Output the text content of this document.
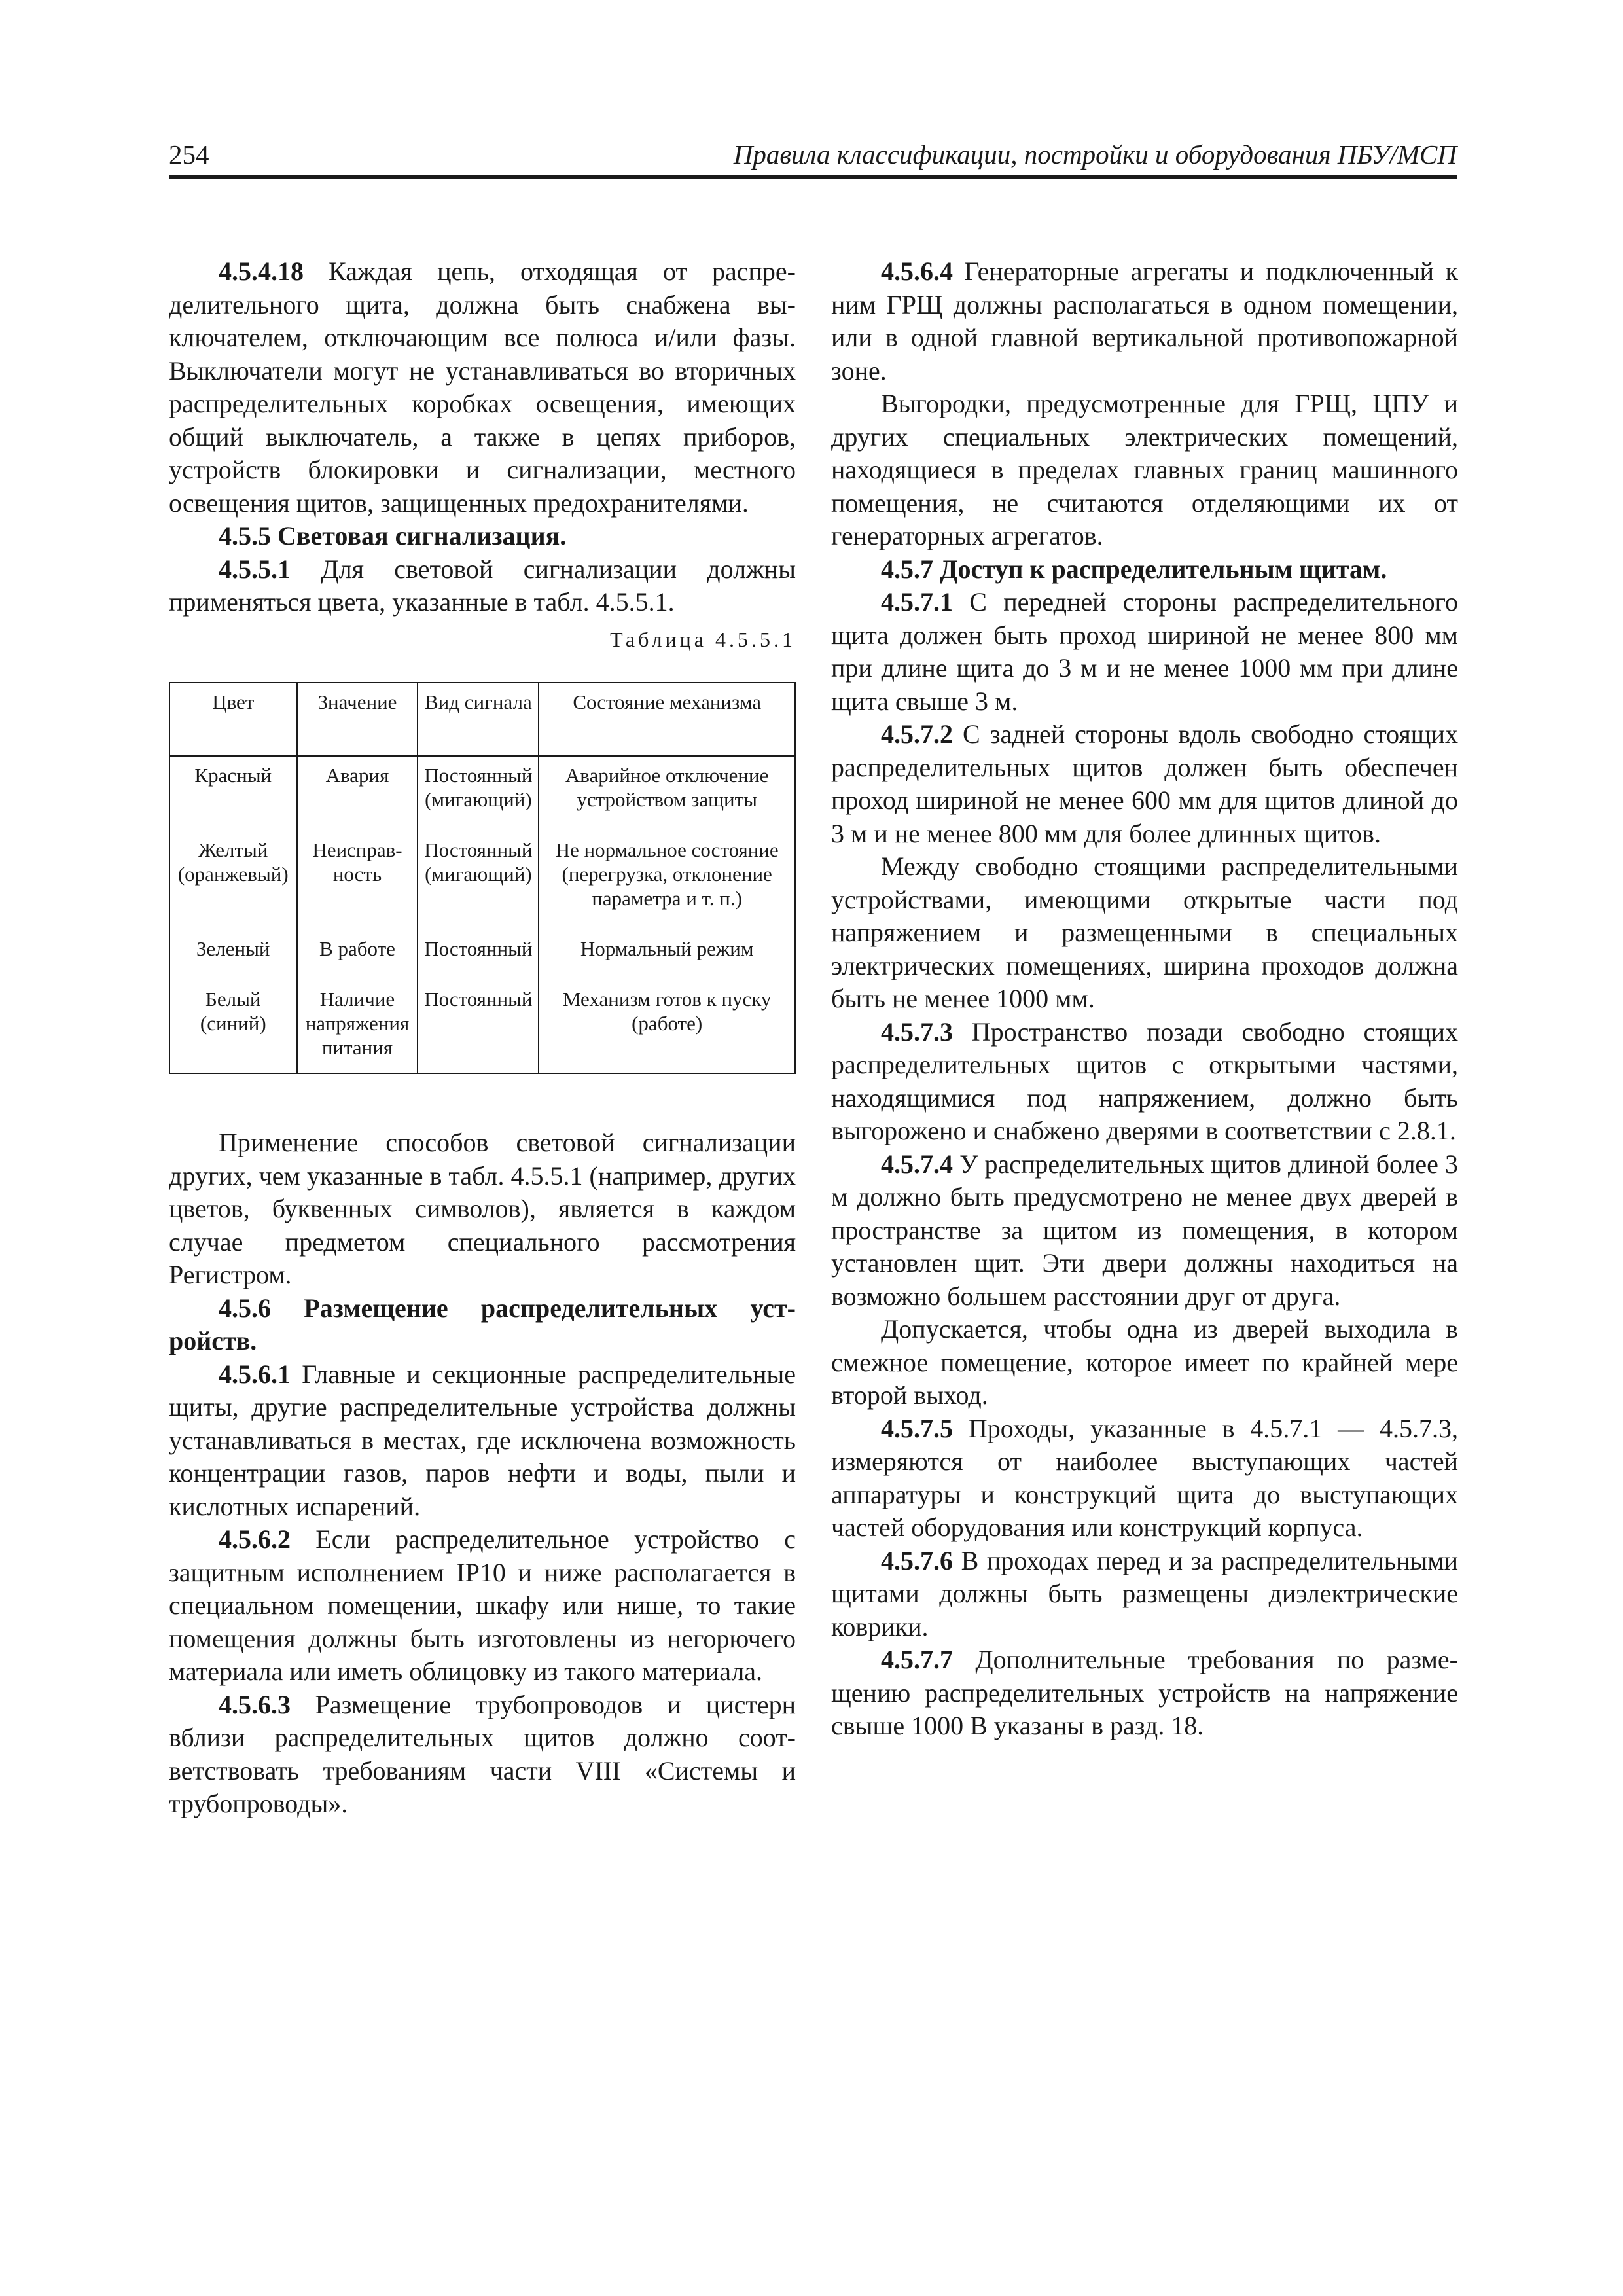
254	Правила классификации, постройки и оборудования ПБУ/МСП

4.5.4.18 Каждая цепь, отходящая от распределительного щита, должна быть снабжена выключателем, отключающим все полюса и/или фазы. Выключатели могут не устанавливаться во вторичных распределительных коробках освещения, имеющих общий выключатель, а также в цепях приборов, устройств блокировки и сигнализации, местного освещения щитов, защищенных предохранителями.

4.5.5 Световая сигнализация.

4.5.5.1 Для световой сигнализации должны применяться цвета, указанные в табл. 4.5.5.1.

Таблица 4.5.5.1
Цвет	Значение	Вид сигнала	Состояние механизма
Красный	Авария	Постоянный (мигающий)	Аварийное отключение устройством защиты
Желтый (оранжевый)	Неисправность	Постоянный (мигающий)	Не нормальное состояние (перегрузка, отклонение параметра и т. п.)
Зеленый	В работе	Постоянный	Нормальный режим
Белый (синий)	Наличие напряжения питания	Постоянный	Механизм готов к пуску (работе)

Применение способов световой сигнализации других, чем указанные в табл. 4.5.5.1 (например, других цветов, буквенных символов), является в каждом случае предметом специального рассмотрения Регистром.

4.5.6 Размещение распределительных устройств.

4.5.6.1 Главные и секционные распределительные щиты, другие распределительные устройства должны устанавливаться в местах, где исключена возможность концентрации газов, паров нефти и воды, пыли и кислотных испарений.

4.5.6.2 Если распределительное устройство с защитным исполнением IP10 и ниже располагается в специальном помещении, шкафу или нише, то такие помещения должны быть изготовлены из негорючего материала или иметь облицовку из такого материала.

4.5.6.3 Размещение трубопроводов и цистерн вблизи распределительных щитов должно соответствовать требованиям части VIII «Системы и трубопроводы».

4.5.6.4 Генераторные агрегаты и подключенный к ним ГРЩ должны располагаться в одном помещении, или в одной главной вертикальной противопожарной зоне.

Выгородки, предусмотренные для ГРЩ, ЦПУ и других специальных электрических помещений, находящиеся в пределах главных границ машинного помещения, не считаются отделяющими их от генераторных агрегатов.

4.5.7 Доступ к распределительным щитам.

4.5.7.1 С передней стороны распределительного щита должен быть проход шириной не менее 800 мм при длине щита до 3 м и не менее 1000 мм при длине щита свыше 3 м.

4.5.7.2 С задней стороны вдоль свободно стоящих распределительных щитов должен быть обеспечен проход шириной не менее 600 мм для щитов длиной до 3 м и не менее 800 мм для более длинных щитов.

Между свободно стоящими распределительными устройствами, имеющими открытые части под напряжением и размещенными в специальных электрических помещениях, ширина проходов должна быть не менее 1000 мм.

4.5.7.3 Пространство позади свободно стоящих распределительных щитов с открытыми частями, находящимися под напряжением, должно быть выгорожено и снабжено дверями в соответствии с 2.8.1.

4.5.7.4 У распределительных щитов длиной более 3 м должно быть предусмотрено не менее двух дверей в пространстве за щитом из помещения, в котором установлен щит. Эти двери должны находиться на возможно большем расстоянии друг от друга.

Допускается, чтобы одна из дверей выходила в смежное помещение, которое имеет по крайней мере второй выход.

4.5.7.5 Проходы, указанные в 4.5.7.1 — 4.5.7.3, измеряются от наиболее выступающих частей аппаратуры и конструкций щита до выступающих частей оборудования или конструкций корпуса.

4.5.7.6 В проходах перед и за распределительными щитами должны быть размещены диэлектрические коврики.

4.5.7.7 Дополнительные требования по размещению распределительных устройств на напряжение свыше 1000 В указаны в разд. 18.
